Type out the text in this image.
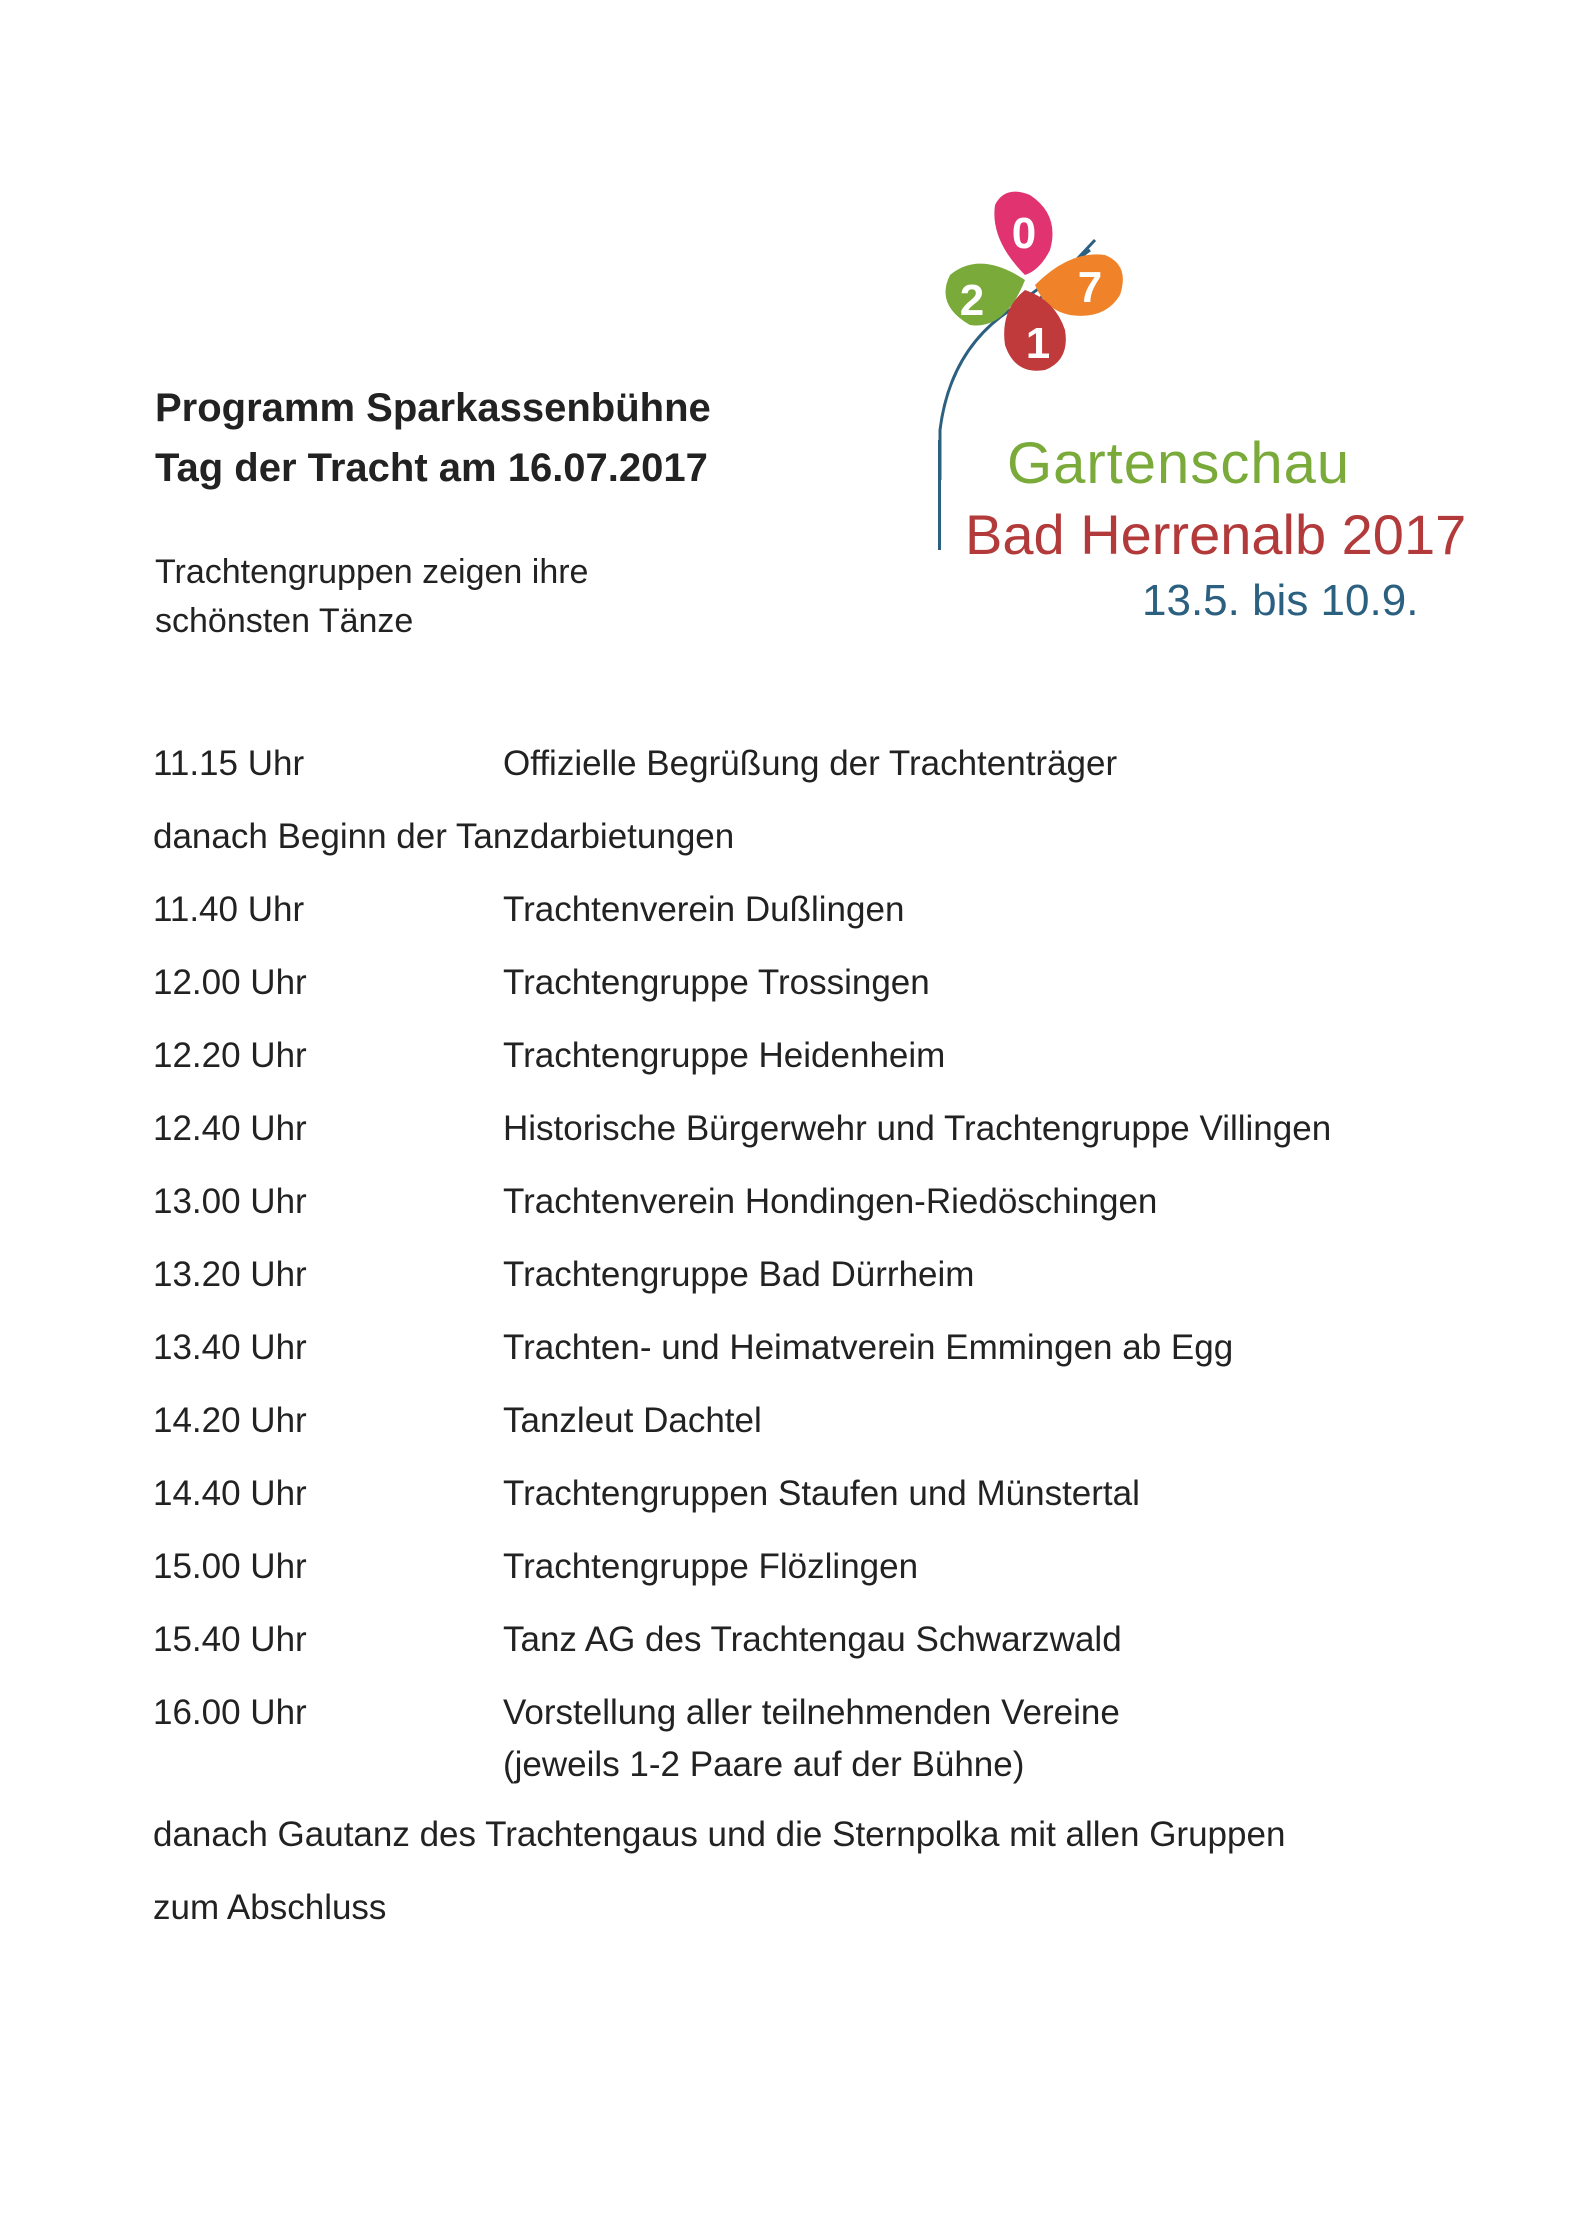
Programm Sparkassenbühne
Tag der Tracht am 16.07.2017
Trachtengruppen zeigen ihre
schönsten Tänze
2
0
1
7
Gartenschau
Bad Herrenalb 2017
13.5. bis 10.9.
11.15 Uhr	Offizielle Begrüßung der Trachtenträger
danach Beginn der Tanzdarbietungen
11.40 Uhr	Trachtenverein Dußlingen
12.00 Uhr	Trachtengruppe Trossingen
12.20 Uhr	Trachtengruppe Heidenheim
12.40 Uhr	Historische Bürgerwehr und Trachtengruppe Villingen
13.00 Uhr	Trachtenverein Hondingen-Riedöschingen
13.20 Uhr	Trachtengruppe Bad Dürrheim
13.40 Uhr	Trachten- und Heimatverein Emmingen ab Egg
14.20 Uhr	Tanzleut Dachtel
14.40 Uhr	Trachtengruppen Staufen und Münstertal
15.00 Uhr	Trachtengruppe Flözlingen
15.40 Uhr	Tanz AG des Trachtengau Schwarzwald
16.00 Uhr	Vorstellung aller teilnehmenden Vereine
(jeweils 1-2 Paare auf der Bühne)
danach Gautanz des Trachtengaus und die Sternpolka mit allen Gruppen
zum Abschluss
